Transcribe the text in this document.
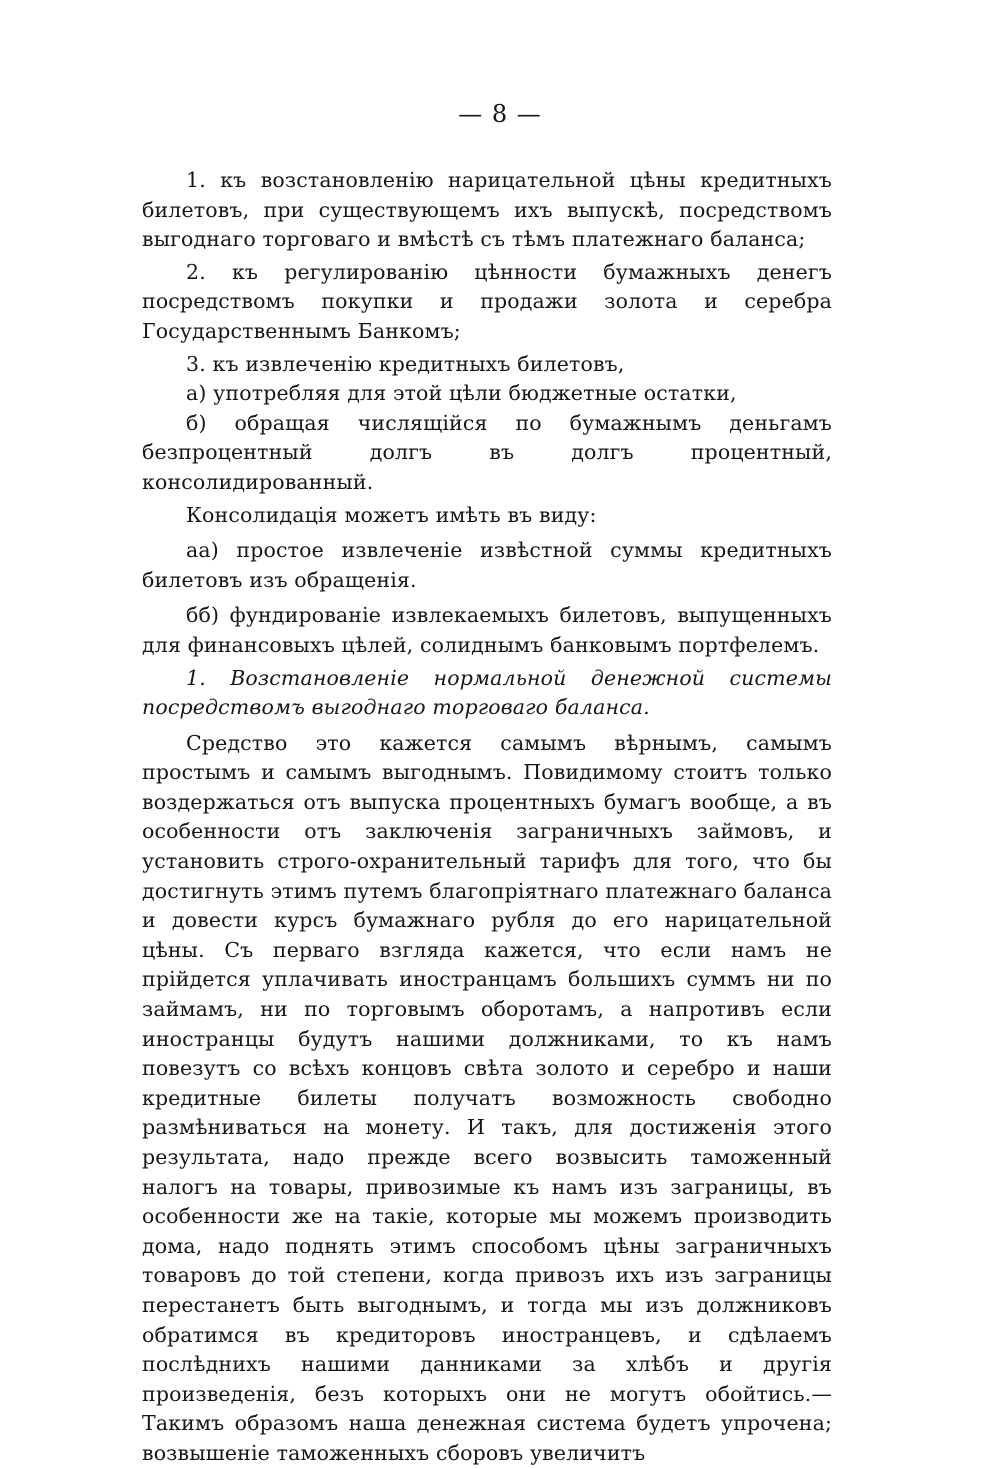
— 8 —

1. къ возстановленію нарицательной цѣны кредитныхъ билетовъ, при существующемъ ихъ выпускѣ, посредствомъ выгоднаго торговаго и вмѣстѣ съ тѣмъ платежнаго баланса;

2. къ регулированію цѣнности бумажныхъ денегъ посредствомъ покупки и продажи золота и серебра Государственнымъ Банкомъ;

3. къ извлеченію кредитныхъ билетовъ,

а) употребляя для этой цѣли бюджетные остатки,

б) обращая числящійся по бумажнымъ деньгамъ безпроцентный долгъ въ долгъ процентный, консолидированный.

Консолидація можетъ имѣть въ виду:

аа) простое извлеченіе извѣстной суммы кредитныхъ билетовъ изъ обращенія.

бб) фундированіе извлекаемыхъ билетовъ, выпущенныхъ для финансовыхъ цѣлей, солиднымъ банковымъ портфелемъ.

1. Возстановленіе нормальной денежной системы посредствомъ выгоднаго торговаго баланса.

Средство это кажется самымъ вѣрнымъ, самымъ простымъ и самымъ выгоднымъ. Повидимому стоитъ только воздержаться отъ выпуска процентныхъ бумагъ вообще, а въ особенности отъ заключенія заграничныхъ займовъ, и установить строго-охранительный тарифъ для того, что бы достигнуть этимъ путемъ благопріятнаго платежнаго баланса и довести курсъ бумажнаго рубля до его нарицательной цѣны. Съ перваго взгляда кажется, что если намъ не прійдется уплачивать иностранцамъ большихъ суммъ ни по займамъ, ни по торговымъ оборотамъ, а напротивъ если иностранцы будутъ нашими должниками, то къ намъ повезутъ со всѣхъ концовъ свѣта золото и серебро и наши кредитные билеты получатъ возможность свободно размѣниваться на монету. И такъ, для достиженія этого результата, надо прежде всего возвысить таможенный налогъ на товары, привозимые къ намъ изъ заграницы, въ особенности же на такіе, которые мы можемъ производить дома, надо поднять этимъ способомъ цѣны заграничныхъ товаровъ до той степени, когда привозъ ихъ изъ заграницы перестанетъ быть выгоднымъ, и тогда мы изъ должниковъ обратимся въ кредиторовъ иностранцевъ, и сдѣлаемъ послѣднихъ нашими данниками за хлѣбъ и другія произведенія, безъ которыхъ они не могутъ обойтись.—Такимъ образомъ наша денежная система будетъ упрочена; возвышеніе таможенныхъ сборовъ увеличитъ
